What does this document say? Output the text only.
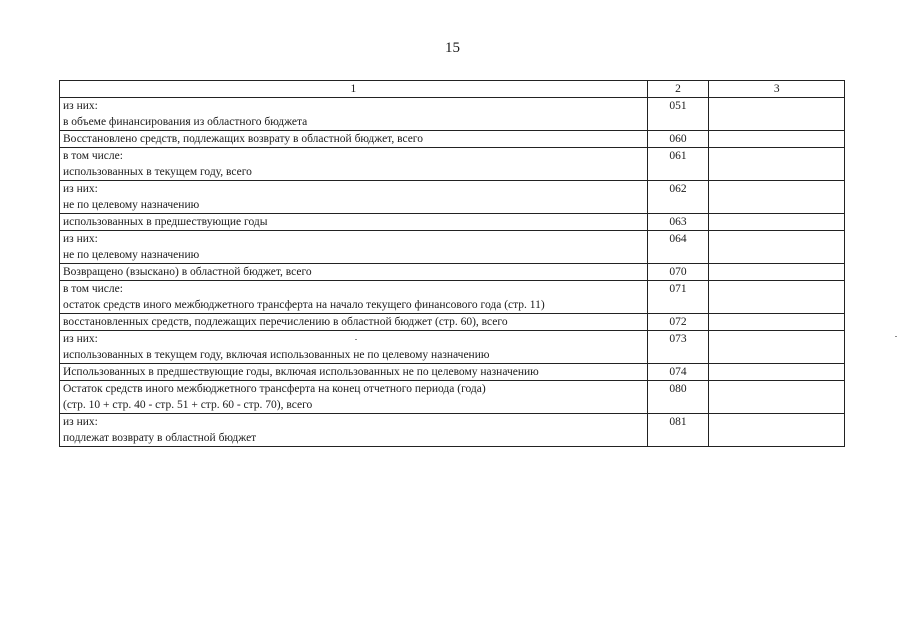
15
1	2	3

из них:
в объеме финансирования из областного бюджета	051	

Восстановлено средств, подлежащих возврату в областной бюджет, всего	060	

в том числе:
использованных в текущем году, всего	061	

из них:
не по целевому назначению	062	

использованных в предшествующие годы	063	

из них:
не по целевому назначению	064	

Возвращено (взыскано) в областной бюджет, всего	070	

в том числе:
остаток средств иного межбюджетного трансферта на начало текущего финансового года (стр. 11)	071	

восстановленных средств, подлежащих перечислению в областной бюджет (стр. 60), всего	072	

из них:
использованных в текущем году, включая использованных не по целевому назначению	073	

Использованных в предшествующие годы, включая использованных не по целевому назначению	074	

Остаток средств иного межбюджетного трансферта на конец отчетного периода (года)
(стр. 10 + стр. 40 - стр. 51 + стр. 60 - стр. 70), всего	080	

из них:
подлежат возврату в областной бюджет	081	
